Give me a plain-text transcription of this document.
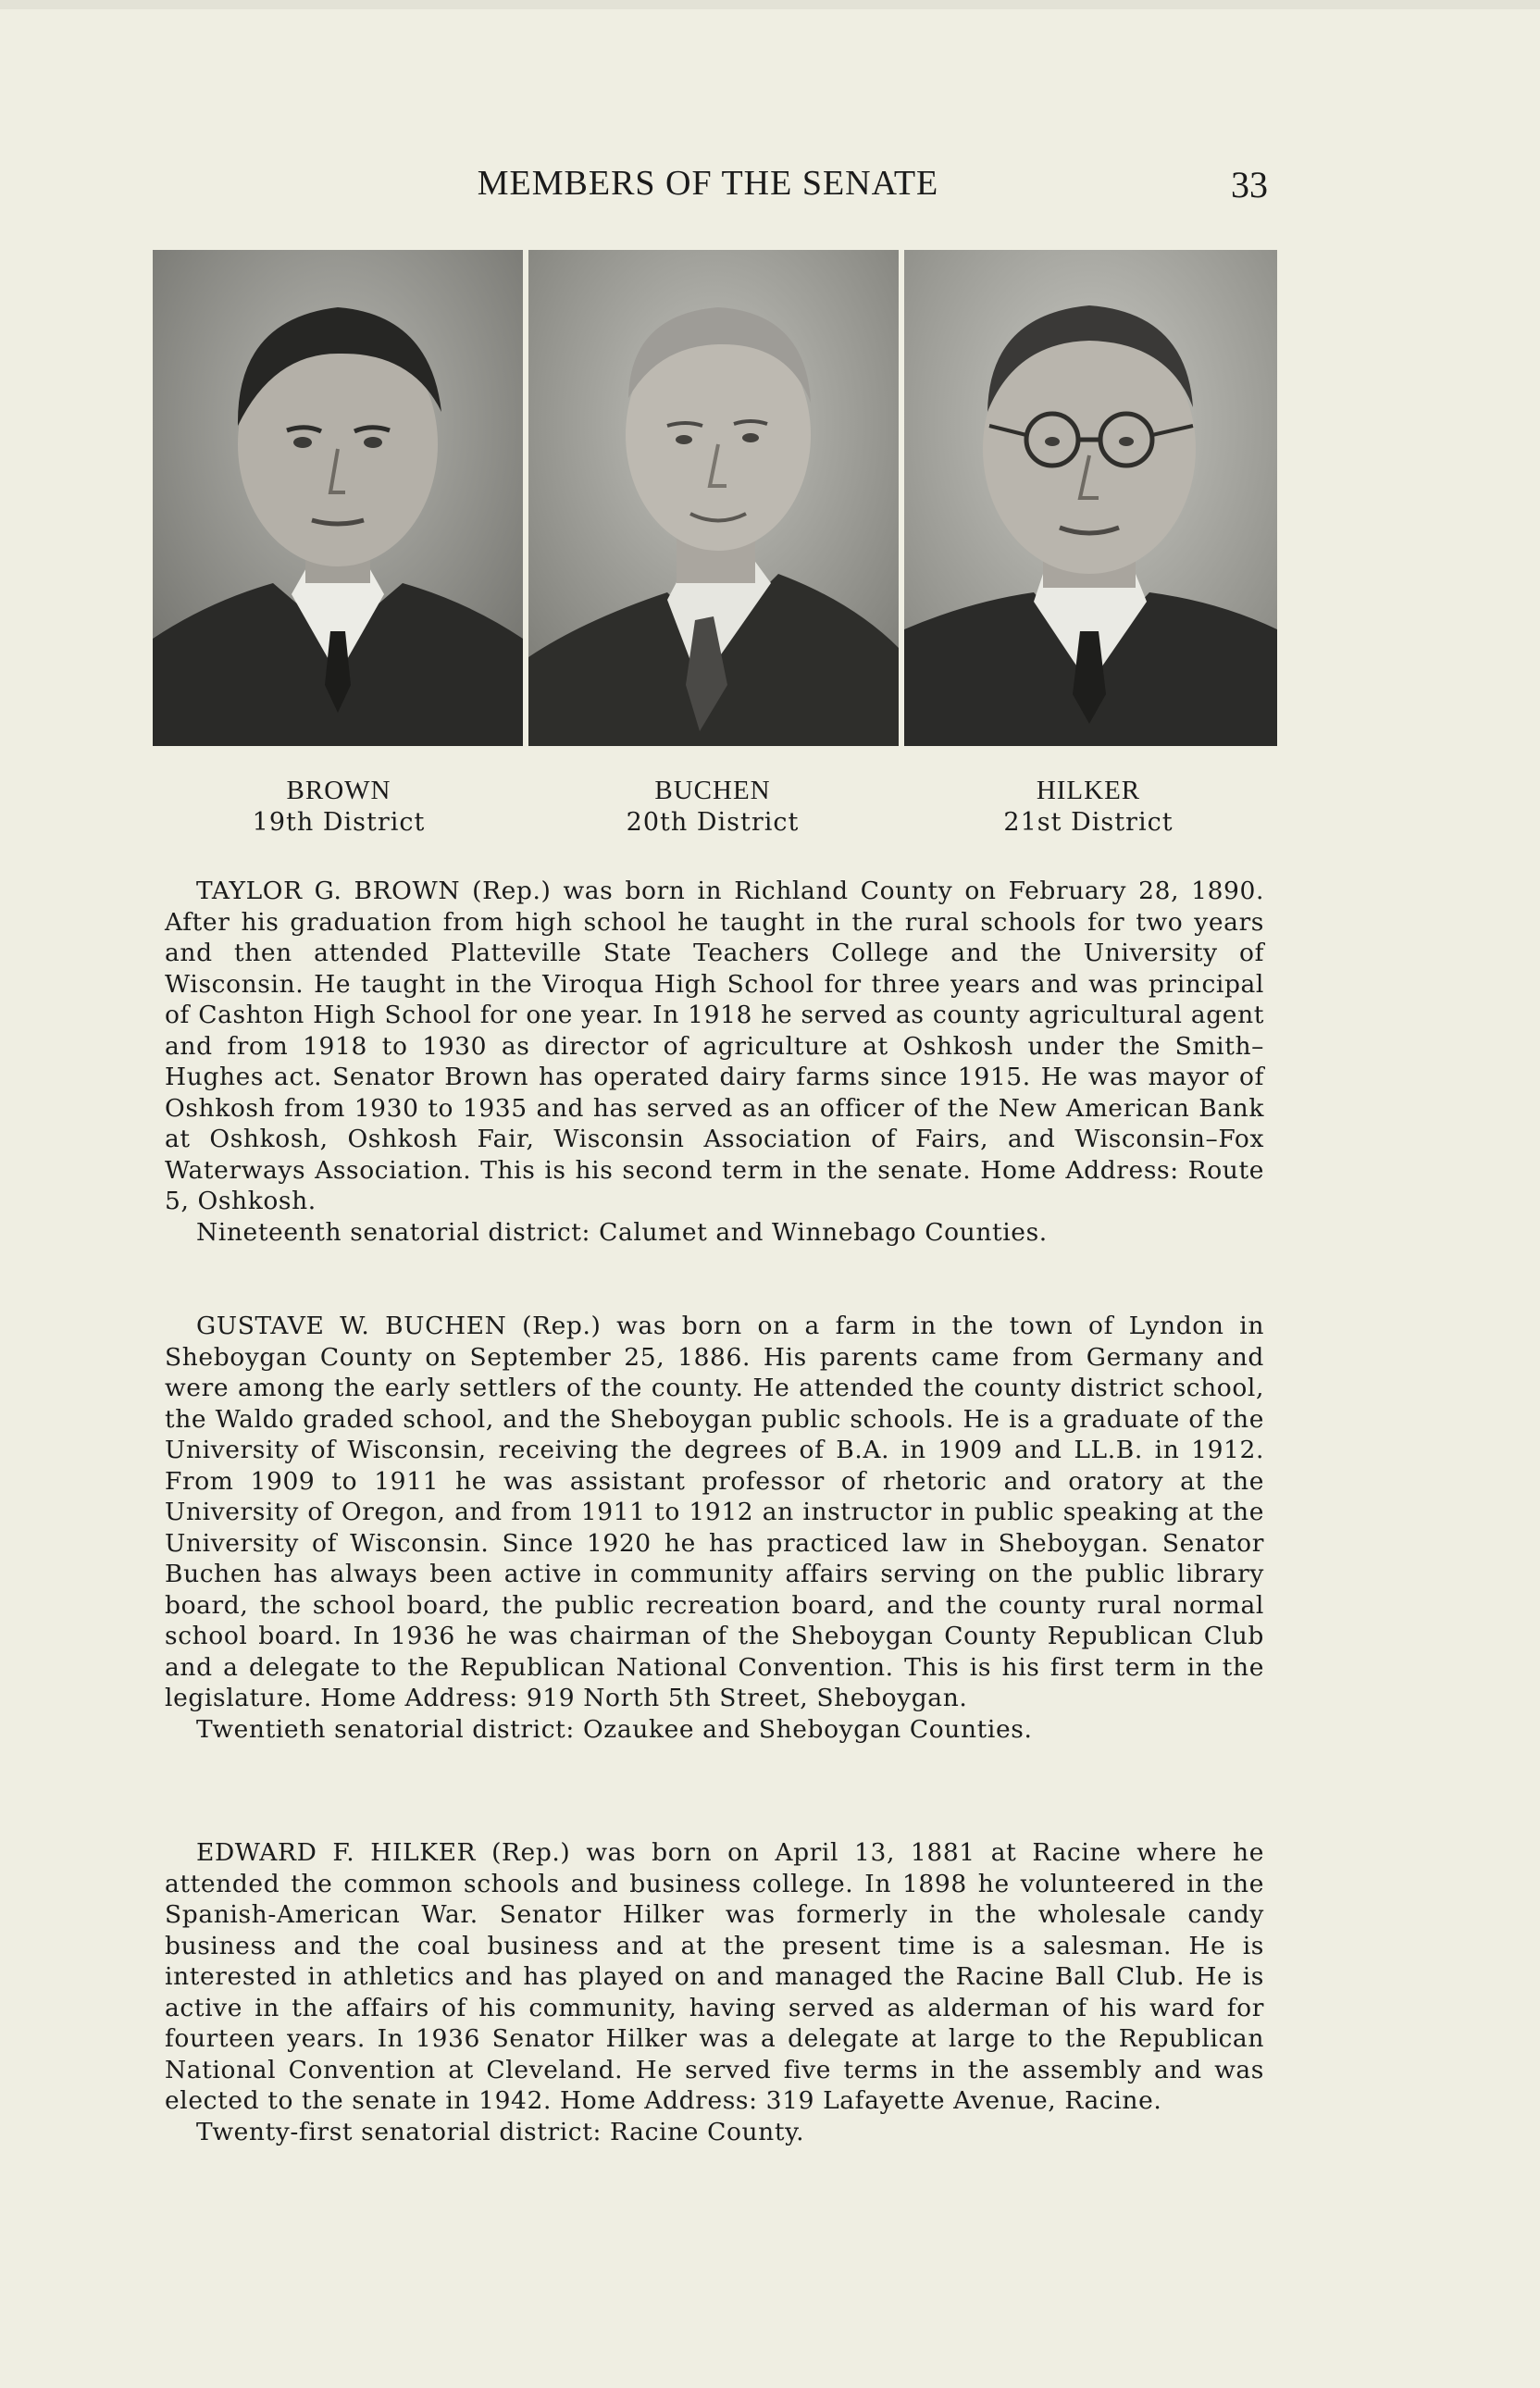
MEMBERS OF THE SENATE	33
BROWN
19th District
BUCHEN
20th District
HILKER
21st District

TAYLOR G. BROWN (Rep.) was born in Richland County on February 28, 1890. After his graduation from high school he taught in the rural schools for two years and then attended Platteville State Teachers College and the University of Wisconsin. He taught in the Viroqua High School for three years and was principal of Cashton High School for one year. In 1918 he served as county agricultural agent and from 1918 to 1930 as director of agriculture at Oshkosh under the Smith–Hughes act. Senator Brown has operated dairy farms since 1915. He was mayor of Oshkosh from 1930 to 1935 and has served as an officer of the New American Bank at Oshkosh, Oshkosh Fair, Wisconsin Association of Fairs, and Wisconsin–Fox Waterways Association. This is his second term in the senate. Home Address: Route 5, Oshkosh.

Nineteenth senatorial district: Calumet and Winnebago Counties.

GUSTAVE W. BUCHEN (Rep.) was born on a farm in the town of Lyndon in Sheboygan County on September 25, 1886. His parents came from Germany and were among the early settlers of the county. He attended the county district school, the Waldo graded school, and the Sheboygan public schools. He is a graduate of the University of Wisconsin, receiving the degrees of B.A. in 1909 and LL.B. in 1912. From 1909 to 1911 he was assistant professor of rhetoric and oratory at the University of Oregon, and from 1911 to 1912 an instructor in public speaking at the University of Wisconsin. Since 1920 he has practiced law in Sheboygan. Senator Buchen has always been active in community affairs serving on the public library board, the school board, the public recreation board, and the county rural normal school board. In 1936 he was chairman of the Sheboygan County Republican Club and a delegate to the Republican National Convention. This is his first term in the legislature. Home Address: 919 North 5th Street, Sheboygan.

Twentieth senatorial district: Ozaukee and Sheboygan Counties.

EDWARD F. HILKER (Rep.) was born on April 13, 1881 at Racine where he attended the common schools and business college. In 1898 he volunteered in the Spanish-American War. Senator Hilker was formerly in the wholesale candy business and the coal business and at the present time is a salesman. He is interested in athletics and has played on and managed the Racine Ball Club. He is active in the affairs of his community, having served as alderman of his ward for fourteen years. In 1936 Senator Hilker was a delegate at large to the Republican National Convention at Cleveland. He served five terms in the assembly and was elected to the senate in 1942. Home Address: 319 Lafayette Avenue, Racine.

Twenty-first senatorial district: Racine County.
